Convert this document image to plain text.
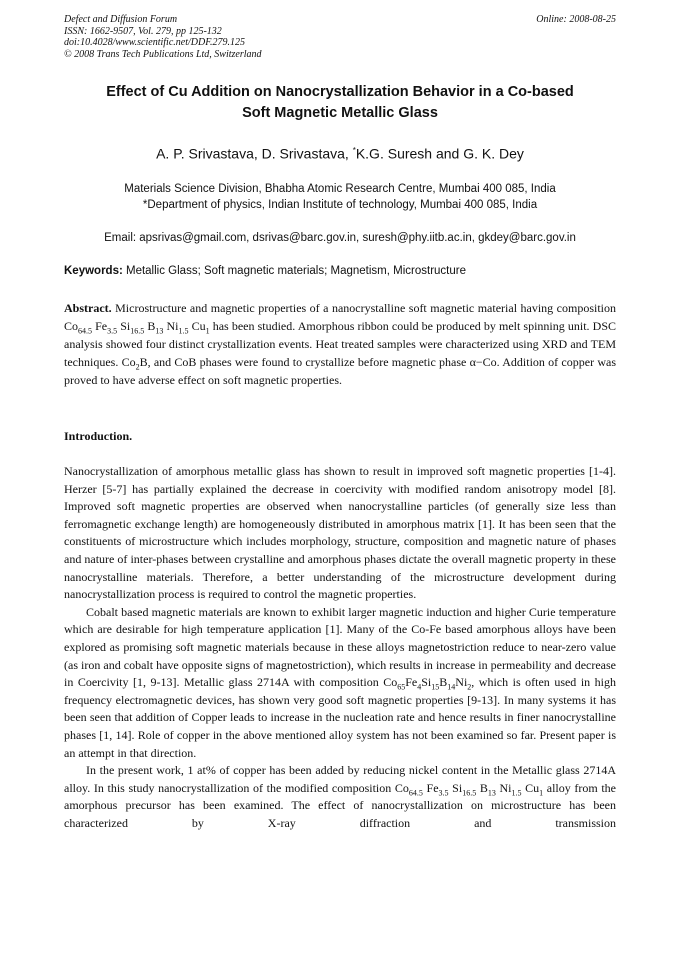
Defect and Diffusion Forum
ISSN: 1662-9507, Vol. 279, pp 125-132
doi:10.4028/www.scientific.net/DDF.279.125
© 2008 Trans Tech Publications Ltd, Switzerland
Online: 2008-08-25
Effect of Cu Addition on Nanocrystallization Behavior in a Co-based
Soft Magnetic Metallic Glass
A. P. Srivastava, D. Srivastava, *K.G. Suresh and G. K. Dey
Materials Science Division, Bhabha Atomic Research Centre, Mumbai 400 085, India
*Department of physics, Indian Institute of technology, Mumbai 400 085, India
Email: apsrivas@gmail.com, dsrivas@barc.gov.in, suresh@phy.iitb.ac.in, gkdey@barc.gov.in
Keywords: Metallic Glass; Soft magnetic materials; Magnetism, Microstructure
Abstract. Microstructure and magnetic properties of a nanocrystalline soft magnetic material having composition $Co_{64.5}$ $Fe_{3.5}$ $Si_{16.5}$ $B_{13}$ $Ni_{1.5}$ $Cu_1$ has been studied. Amorphous ribbon could be produced by melt spinning unit. DSC analysis showed four distinct crystallization events. Heat treated samples were characterized using XRD and TEM techniques. $Co_2B$, and CoB phases were found to crystallize before magnetic phase α−Co. Addition of copper was proved to have adverse effect on soft magnetic properties.
Introduction.

Nanocrystallization of amorphous metallic glass has shown to result in improved soft magnetic properties [1-4]. Herzer [5-7] has partially explained the decrease in coercivity with modified random anisotropy model [8]. Improved soft magnetic properties are observed when nanocrystalline particles (of generally size less than ferromagnetic exchange length) are homogeneously distributed in amorphous matrix [1]. It has been seen that the constituents of microstructure which includes morphology, structure, composition and magnetic nature of phases and nature of inter-phases between crystalline and amorphous phases dictate the overall magnetic property in these nanocrystalline materials. Therefore, a better understanding of the microstructure development during nanocrystallization process is required to control the magnetic properties.

Cobalt based magnetic materials are known to exhibit larger magnetic induction and higher Curie temperature which are desirable for high temperature application [1]. Many of the Co-Fe based amorphous alloys have been explored as promising soft magnetic materials because in these alloys magnetostriction reduce to near-zero value (as iron and cobalt have opposite signs of magnetostriction), which results in increase in permeability and decrease in Coercivity [1, 9-13]. Metallic glass 2714A with composition $Co_{65}Fe_4Si_{15}B_{14}Ni_2$, which is often used in high frequency electromagnetic devices, has shown very good soft magnetic properties [9-13]. In many systems it has been seen that addition of Copper leads to increase in the nucleation rate and hence results in finer nanocrystalline phases [1, 14]. Role of copper in the above mentioned alloy system has not been examined so far. Present paper is an attempt in that direction.

In the present work, 1 at% of copper has been added by reducing nickel content in the Metallic glass 2714A alloy. In this study nanocrystallization of the modified composition $Co_{64.5}$ $Fe_{3.5}$ $Si_{16.5}$ $B_{13}$ $Ni_{1.5}$ $Cu_1$ alloy from the amorphous precursor has been examined. The effect of nanocrystallization on microstructure has been characterized by X-ray diffraction and transmission
